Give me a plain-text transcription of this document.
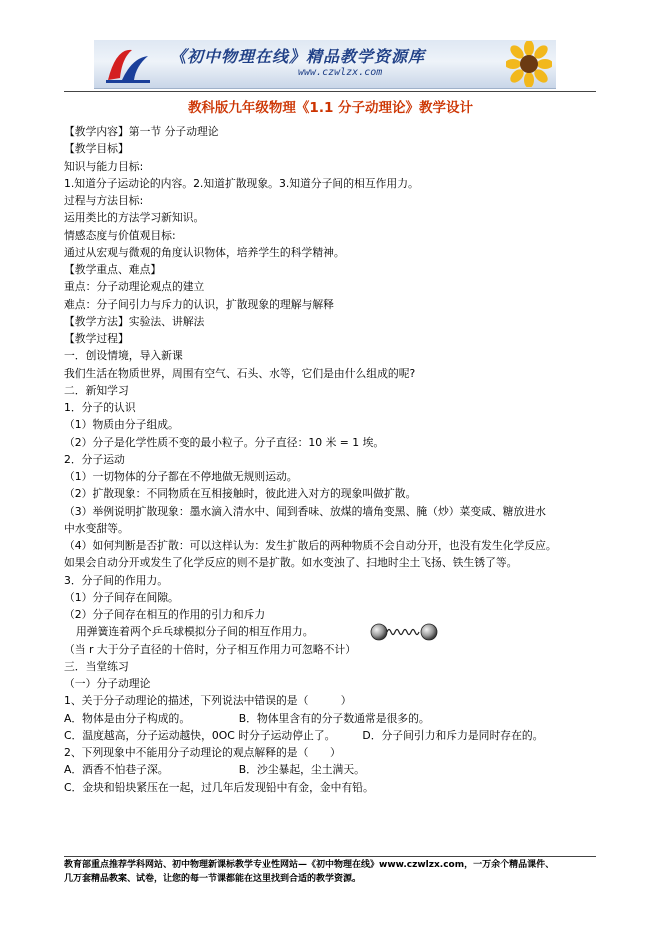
《初中物理在线》精品教学资源库
www.czwlzx.com
教科版九年级物理《1.1 分子动理论》教学设计
【教学内容】第一节 分子动理论
【教学目标】
知识与能力目标:
1.知道分子运动论的内容。2.知道扩散现象。3.知道分子间的相互作用力。
过程与方法目标:
运用类比的方法学习新知识。
情感态度与价值观目标:
通过从宏观与微观的角度认识物体，培养学生的科学精神。
【教学重点、难点】
重点：分子动理论观点的建立
难点：分子间引力与斥力的认识，扩散现象的理解与解释
【教学方法】实验法、讲解法
【教学过程】
一．创设情境，导入新课
我们生活在物质世界，周围有空气、石头、水等，它们是由什么组成的呢?
二．新知学习
1．分子的认识
（1）物质由分子组成。
（2）分子是化学性质不变的最小粒子。分子直径：10 米 = 1 埃。
2．分子运动
（1）一切物体的分子都在不停地做无规则运动。
（2）扩散现象：不同物质在互相接触时，彼此进入对方的现象叫做扩散。
（3）举例说明扩散现象：墨水滴入清水中、闻到香味、放煤的墙角变黑、腌（炒）菜变咸、糖放进水
中水变甜等。
（4）如何判断是否扩散：可以这样认为：发生扩散后的两种物质不会自动分开，也没有发生化学反应。
如果会自动分开或发生了化学反应的则不是扩散。如水变浊了、扫地时尘土飞扬、铁生锈了等。
3．分子间的作用力。
（1）分子间存在间隙。
（2）分子间存在相互的作用的引力和斥力
用弹簧连着两个乒乓球模拟分子间的相互作用力。
（当 r 大于分子直径的十倍时，分子相互作用力可忽略不计）
三．当堂练习
（一）分子动理论
1、关于分子动理论的描述，下列说法中错误的是（　　　）
A．物体是由分子构成的。　　　　　B．物体里含有的分子数通常是很多的。
C．温度越高，分子运动越快，0OC 时分子运动停止了。　　　D．分子间引力和斥力是同时存在的。
2、下列现象中不能用分子动理论的观点解释的是（　　）
A．酒香不怕巷子深。　　　　　　　B．沙尘暴起，尘土满天。
C．金块和铅块紧压在一起，过几年后发现铅中有金，金中有铅。
教育部重点推荐学科网站、初中物理新课标教学专业性网站—《初中物理在线》www.czwlzx.com，一万余个精品课件、
几万套精品教案、试卷，让您的每一节课都能在这里找到合适的教学资源。
